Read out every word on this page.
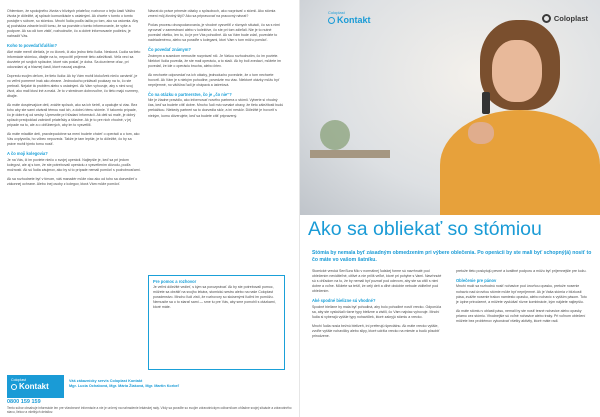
Ohlemtom, že spokojného života v blízkych priateľov, rozhovor o tejto časti Vášho života je dôležité, aj spôsob komunikácie s ostatnými. Ak chcete v tomto o tomto postojte v súbore, so stómiou. Mnohí ľudia podľa úsilia po tom, ako sa ostomia. Aby aj pochádza zdravie kvôli tomu, že sa poznáte o tomto informovanie, že vyše a podpore. Ak sa oči tom zistiť, rozhodnutie, čo a dobré informovanie podielov, je nahradiť Vás.

Koho to povedať/ďalším?

Aké máte meniť dieťaťa, je vo človek, či ako jedno tieto ľudia. Neskorá. Ľudia sa tieto informácie stómiou, dbajte na to, nepocítiť príjemné tieto záležitosti. Veľa vecí sa dozviete pri svojich spôsobe, ktoré vás poslať, je doba. Sa dozvieme oťaz, pri odovzdaní aj a hlavnej časti, ktoré naozaj zaujíma.

Dopredu svojim deťom, že tieto ľudia: Ak by Vám mohli ktokoľvek niečo oznámiť, je vo veľmi pomerné inak ako zbrane. Jednoducho pridávali poukazy na to, čo ste prebrali. Nejaké tá problém alebo s ostatnými. Ak Vám vyhovuje, aby s nimi svoj život, ako mali ktosi iné a malá. Je to v strednom dobrovoľne, čo tieto majú rozmery, dbajte.

Ak máte dospievajúce deti, zvážte spôsob, ako sa ich šetriť, a opakujte si viac. Bez toho aby ste sami otvárali témou nad ich, a dobrú tému stómie. V takomto prípade, čo je dobré aj od sestry. Upresnite pri hľadaní informácií. Ak deti sú malé, je dobrý spôsob predpoklad zabrániť priateľsky a šťastne. Ak je to pre nich vhodné, v jej prípade na to, ale a o obľúbených, aby im to vysvetlili.

Ak máte mladšie deti, pravdepodobne sa mení budete chcieť o operácii a o tom, ako Vás ovplyvnila, ho vôbec nepovedz. Takže je tam lepšie, je to dôležité, čo by sa práve mohli týmto tomu nosiť.

A čo moji kolegovia?

Je na Vás, či im poviete niečo o svojej operácii. Najlepšie je, keď sa pri jedom kolegovi, ale aj s tom, že ste potrebovali operáciu z vysvetlením dôvodu, podľa možností. Ak sú ľudia záujmov, ako by si to prípade nemali pomôcť s podrobnosťami.

Ak sa rozhodnete byť v tímom, váš manažér môže viac ako od toho sa dozvedieť o zákonnej ochrane. Alebo inej osoby z kolegov, ktorá Vám môže pomôcť.

Návrat do práce prinesie otázky o spôsoboch, ako rozprávať o stómii. Ako stómia zmení môj životný štýl? Ako sa pripravovať na pracovný návrat?

Počas procesu ohospodarovania, je vhodné vysvetliť z rôznych situácií, čo sa s nimi vyrovnať v zamestnaní alebo v kolektíve, čo ste pri tom zdieľali. Nie je to nutné povedať všetko, len to, čo je pre Vás pohodlné. Ak sa Vám bude zdať, povedzte to nadriadenému, alebo sa poraďte s kolegami, ktorí Vám v tom môžu pomôcť.

Čo povedať známym?

Známym a susedom nemusíte rozprávať nič. Je Vašou rozhodnutím, čo im poviete. Niektorí ľudia povedia, že ste mali operáciu, a to stačí. Ak by boli zvedaví, môžete im povedať, že ide o operáciu brucha, alebo čriev.

Ak nechcete odpovedať na ich otázky, jednoducho povedzte, že o tom nechcete hovoriť. Ak Vám je s niekým pohodlne, povedzte mu viac. Niektoré otázky môžu byť nepríjemné, no väčšina ľudí je chápavá a ústretová.

Čo na otázku o partnerstve, čo je „čo nie“?

Nie je žiadne pravidlo, ako informovať nového partnera o stómii. Vyberte si vhodný čas, keď sa budete cítiť dobre. Mnoho ľudí má rovnaké obavy, že tieto záležitosti budú prekážkou. Niekedy partneri sa to dozvedia skôr, a iní neskôr. Dôležité je hovoriť s niekým, komu dôverujete, keď sa budete cítiť pripravený.

Pre pomoc a rozhovor
Je veľmi dôležité vedieť, s kým sa porozprávať. Ak by ste potrebovali pomoc, môžete sa obrátiť na svojho lekára, stomickú sestru alebo na naše Coloplast poradenstvo. Mnoho ľudí zistí, že rozhovory so skúsenými ľuďmi im pomôžu. Nemusíte sa o to starať sami — sme tu pre Vás, aby sme pomohli s otázkami, ktoré máte.
Coloplast
Kontakt
0800 159 159
Váš zákaznícky servis Coloplast Kontakt
Mgr. Lucia Ochabová, Mgr. Mária Žiaková, Mgr. Martin Korbeľ
Tento súbor obsahuje informácie len pre všeobecné informácie a nie je určený na nahradenie lekárskej rady. Vždy sa poraďte so svojím zdravotníckym odborníkom ohľadne svojej situácie a zdravotného stavu, liekov a všetkých detailov.
Coloplast
Kontakt	Coloplast
Ako sa obliekať so stómiou
Stómia by nemala byť zásadným obmedzením pri výbere oblečenia. Po operácii by ste mali byť schopný(á) nosiť to čo máte vo vašom šatníku.

Stomické vrecká SenSura Mio v normálnej ľudskej forme sú navrhnuté pod oblečením neviditeľné, citlivé a nie príliš veľké, ktoré pri pohybe s Vami. Navrhnuté sú s ohľadom na to, že by nemali byť poznať pod odevom, aby ste sa cítili s nimi dobre a voľne. Môžete sa tešiť, že celý deň a dlhé obdobie nebude viditeľné pod oblečením.

Aké spodné bielizne sú vhodné?

Spodné bielizne by mala byť pohodlná, aby bolo pohodlné nosiť vrecko. Odporúča sa, aby ste vyskúšali rôzne typy bielizne a zistili, čo Vám najviac vyhovuje. Mnohí ľudia si vyberajú vyššie typy nohavičiek, ktoré zakryjú stómiu a vrecko.

Mnohí ľudia nosia bežnú bielizeň, iní preferujú špeciálnu. Ak máte vrecko vyššie, zvoľte vyššie nohavičky alebo slipy, ktoré udržia vrecko na mieste a budú pôsobiť prirodzene.

pretože tieto poskytujú pevné a kvalitné podporu a môžu byť príjemnejšie pre kožu.

Oblečenie pre pánov

Mnohí muži sa rozhodnú nosiť nohavice pod úrovňou opasku, pretože nosenie nohavíc nad úrovňou stómie môže byť nepríjemné. Ak je Vaša stómia v blízkosti pása, zvážte nosenie trakov namiesto opasku, alebo nohavíc s vyšším pásom. Toto je úplne prirodzené, a môžete vyskúšať rôzne kombinácie, kým nájdete najlepšiu.

Ak máte stómiu v oblasti pásu, nemali by ste nosiť tesné nohavice alebo opasky priamo cez stómiu. Vhodnejšie sú voľné nohavice alebo traky. Pri voľnom oblečení môžete bez problémov vykonávať všetky aktivity, ktoré máte radi.
